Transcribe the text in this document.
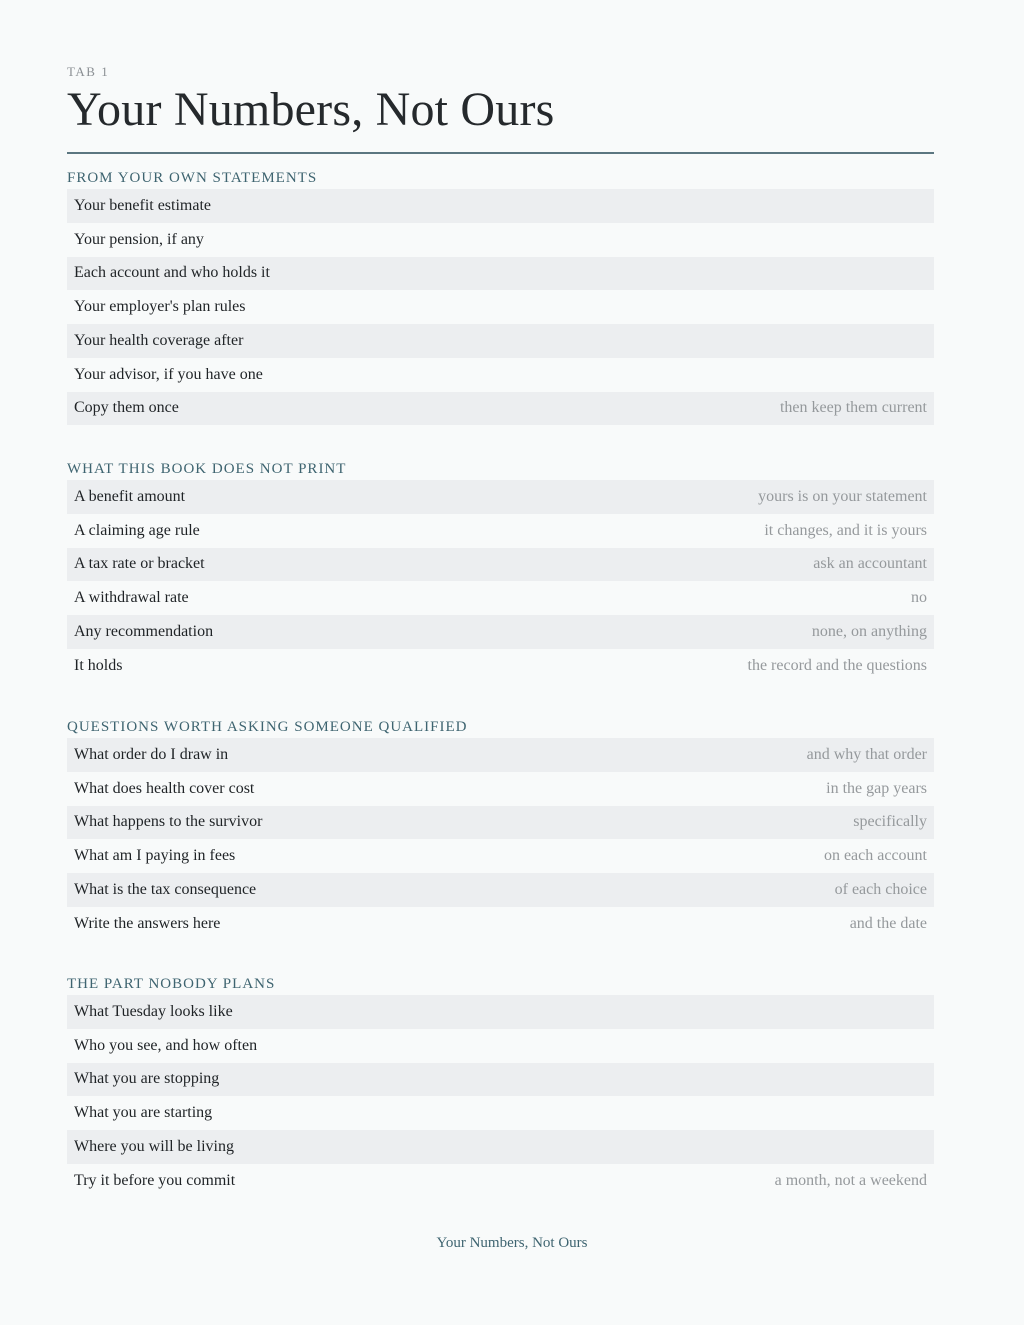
TAB 1
Your Numbers, Not Ours
FROM YOUR OWN STATEMENTS
Your benefit estimate
Your pension, if any
Each account and who holds it
Your employer's plan rules
Your health coverage after
Your advisor, if you have one
Copy them once	then keep them current
WHAT THIS BOOK DOES NOT PRINT
A benefit amount	yours is on your statement
A claiming age rule	it changes, and it is yours
A tax rate or bracket	ask an accountant
A withdrawal rate	no
Any recommendation	none, on anything
It holds	the record and the questions
QUESTIONS WORTH ASKING SOMEONE QUALIFIED
What order do I draw in	and why that order
What does health cover cost	in the gap years
What happens to the survivor	specifically
What am I paying in fees	on each account
What is the tax consequence	of each choice
Write the answers here	and the date
THE PART NOBODY PLANS
What Tuesday looks like
Who you see, and how often
What you are stopping
What you are starting
Where you will be living
Try it before you commit	a month, not a weekend
Your Numbers, Not Ours
